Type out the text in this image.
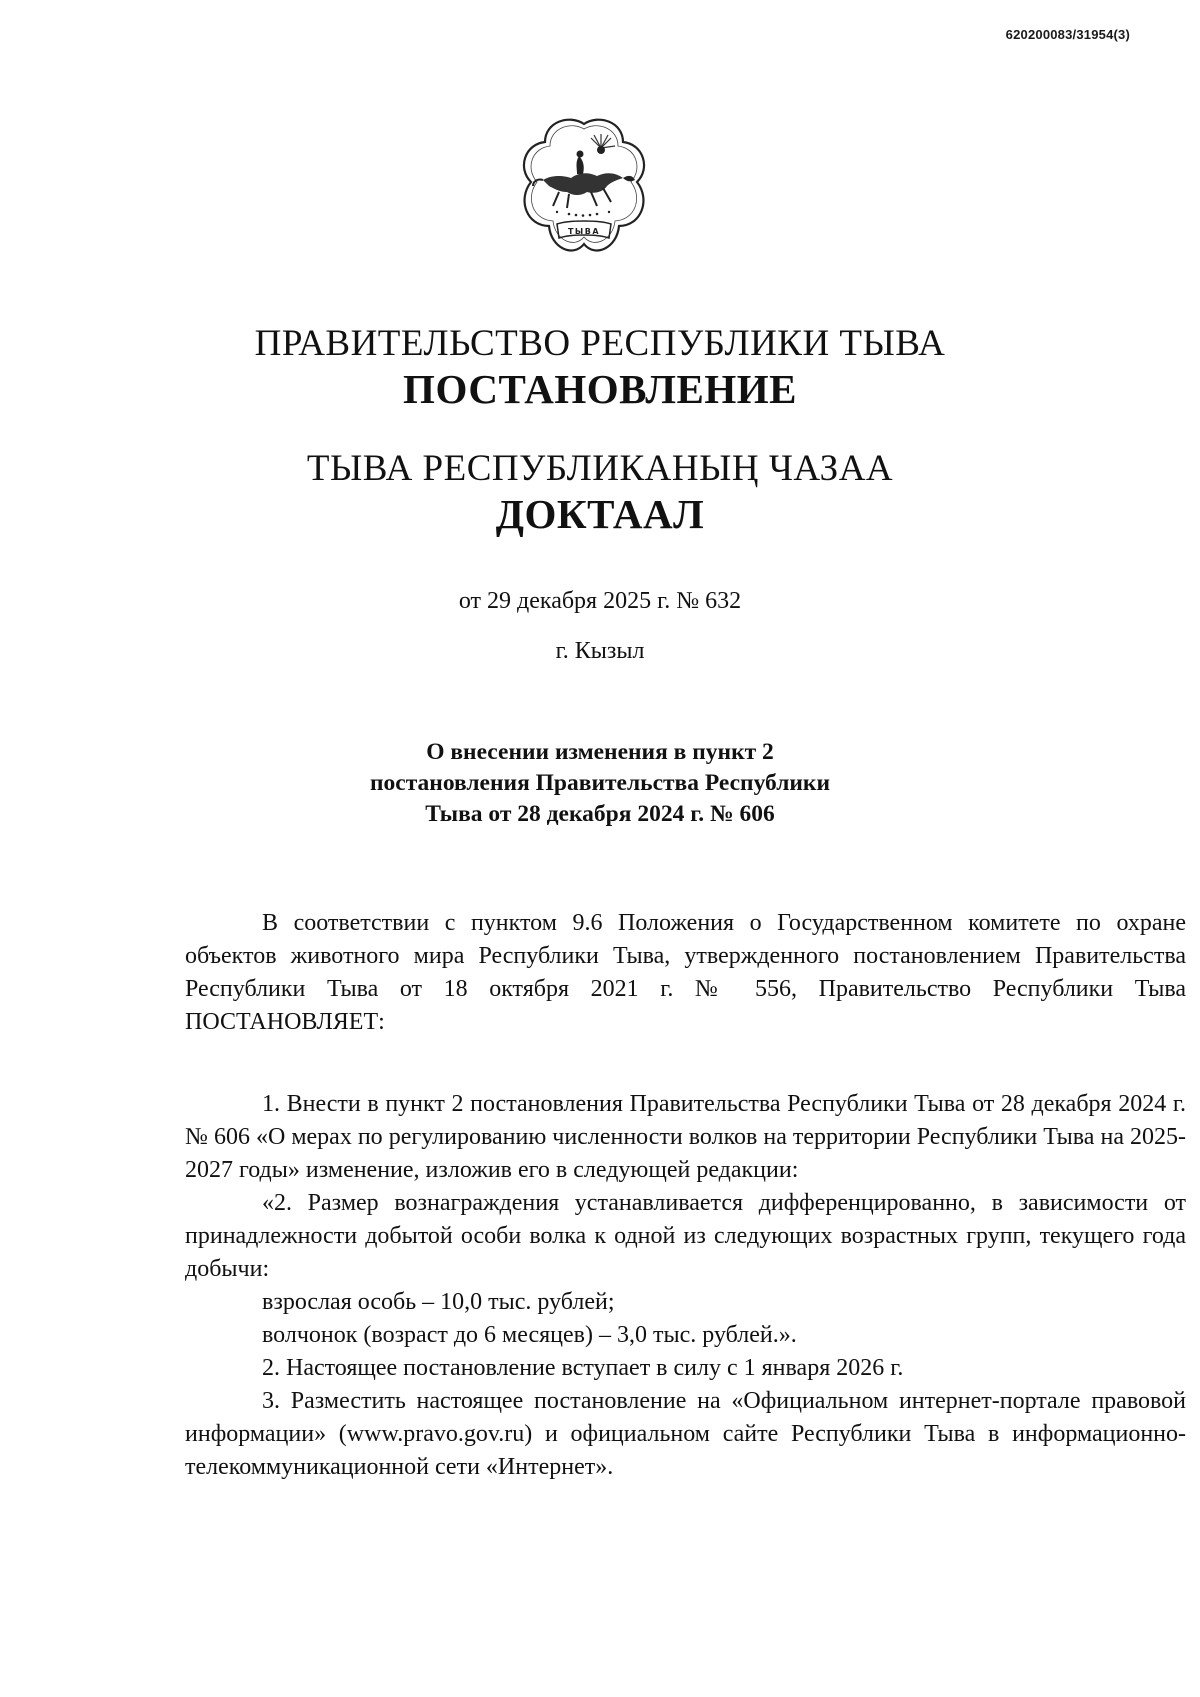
620200083/31954(3)
ТЫВА
ПРАВИТЕЛЬСТВО РЕСПУБЛИКИ ТЫВА
ПОСТАНОВЛЕНИЕ
ТЫВА РЕСПУБЛИКАНЫҢ ЧАЗАА
ДОКТААЛ
от 29 декабря 2025 г. № 632
г. Кызыл
О внесении изменения в пункт 2
постановления Правительства Республики
Тыва от 28 декабря 2024 г. № 606

В соответствии с пунктом 9.6 Положения о Государственном комитете по охране объектов животного мира Республики Тыва, утвержденного постановлением Правительства Республики Тыва от 18 октября 2021 г. № 556, Правительство Республики Тыва ПОСТАНОВЛЯЕТ:

1. Внести в пункт 2 постановления Правительства Республики Тыва от 28 декабря 2024 г. № 606 «О мерах по регулированию численности волков на территории Республики Тыва на 2025-2027 годы» изменение, изложив его в следующей редакции:

«2. Размер вознаграждения устанавливается дифференцированно, в зависимости от принадлежности добытой особи волка к одной из следующих возрастных групп, текущего года добычи:

взрослая особь – 10,0 тыс. рублей;

волчонок (возраст до 6 месяцев) – 3,0 тыс. рублей.».

2. Настоящее постановление вступает в силу с 1 января 2026 г.

3. Разместить настоящее постановление на «Официальном интернет-портале правовой информации» (www.pravo.gov.ru) и официальном сайте Республики Тыва в информационно-телекоммуникационной сети «Интернет».
